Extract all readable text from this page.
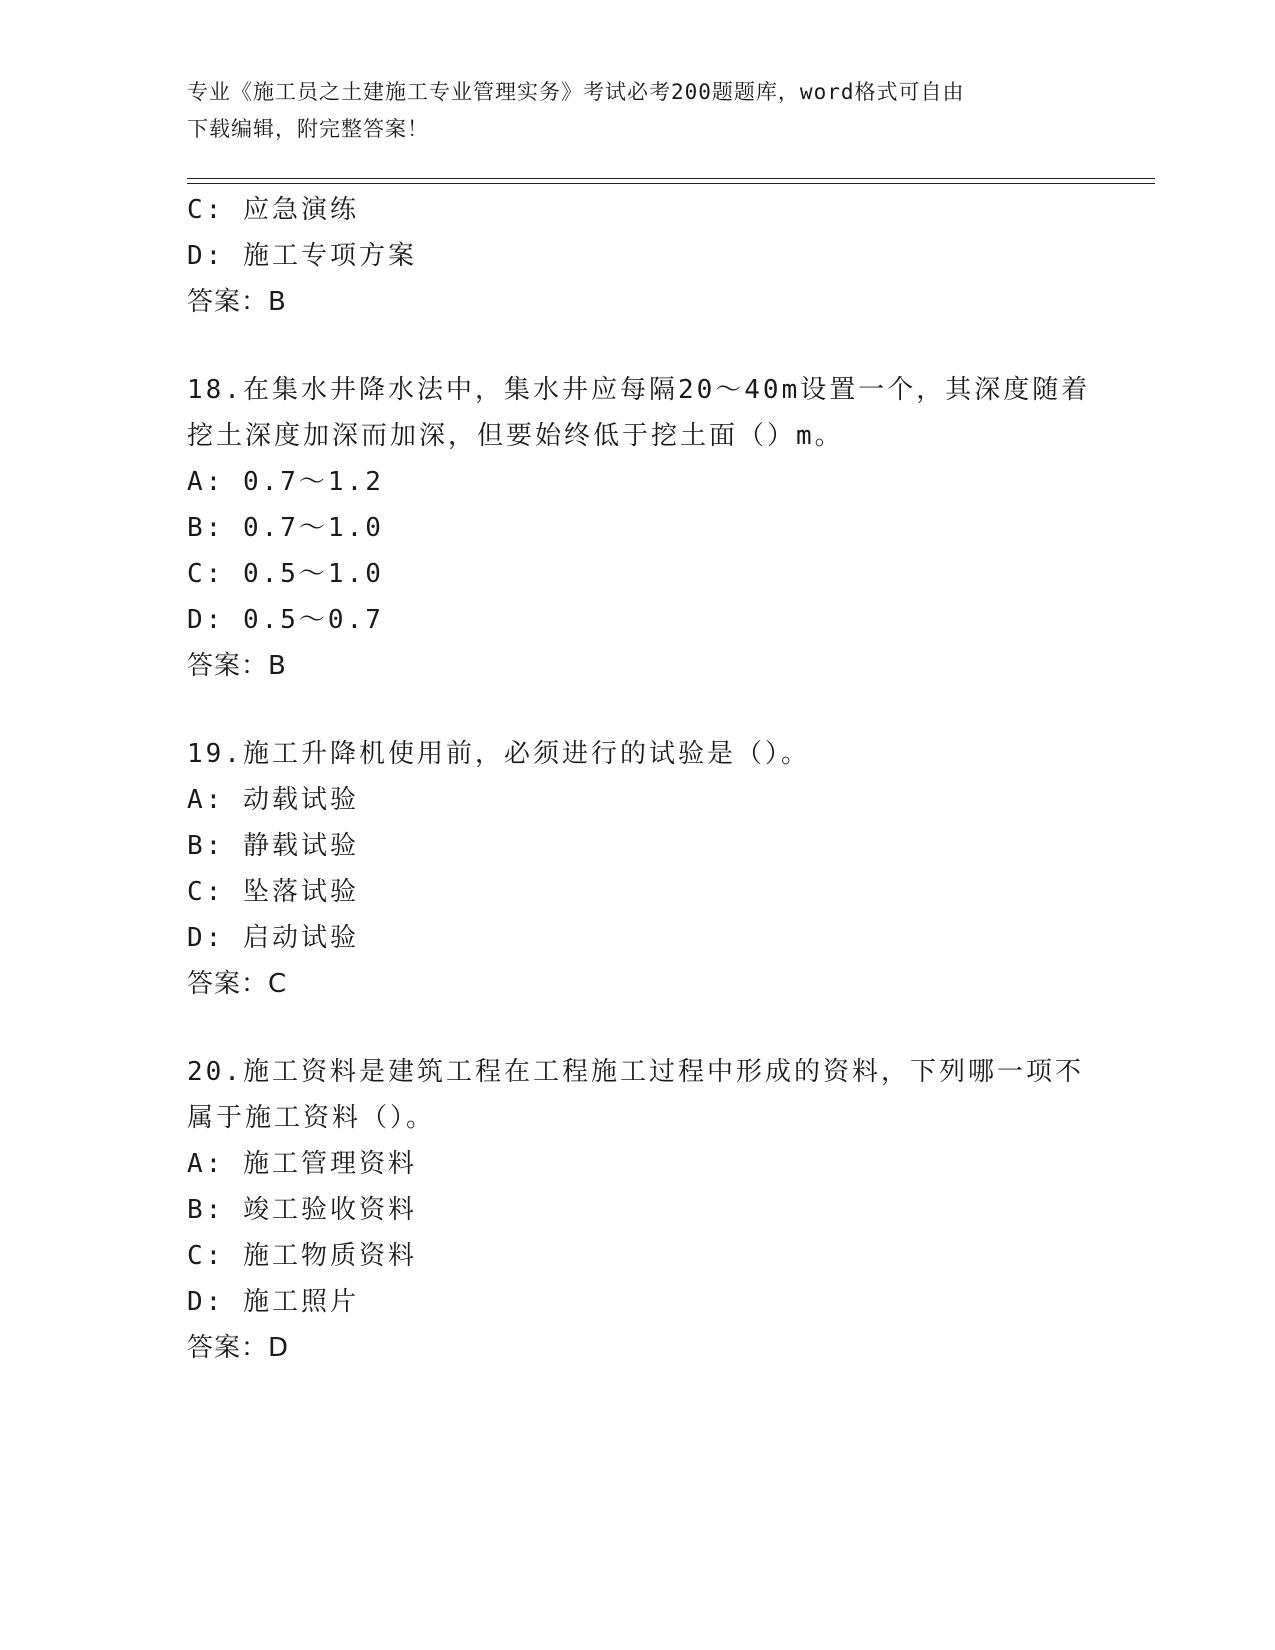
专业《施工员之土建施工专业管理实务》考试必考200题题库，word格式可自由
下载编辑，附完整答案！
C: 应急演练
D: 施工专项方案
答案：B
18.在集水井降水法中，集水井应每隔20～40m设置一个，其深度随着
挖土深度加深而加深，但要始终低于挖土面（）m。
A: 0.7～1.2
B: 0.7～1.0
C: 0.5～1.0
D: 0.5～0.7
答案：B
19.施工升降机使用前，必须进行的试验是（）。
A: 动载试验
B: 静载试验
C: 坠落试验
D: 启动试验
答案：C
20.施工资料是建筑工程在工程施工过程中形成的资料，下列哪一项不
属于施工资料（）。
A: 施工管理资料
B: 竣工验收资料
C: 施工物质资料
D: 施工照片
答案：D
